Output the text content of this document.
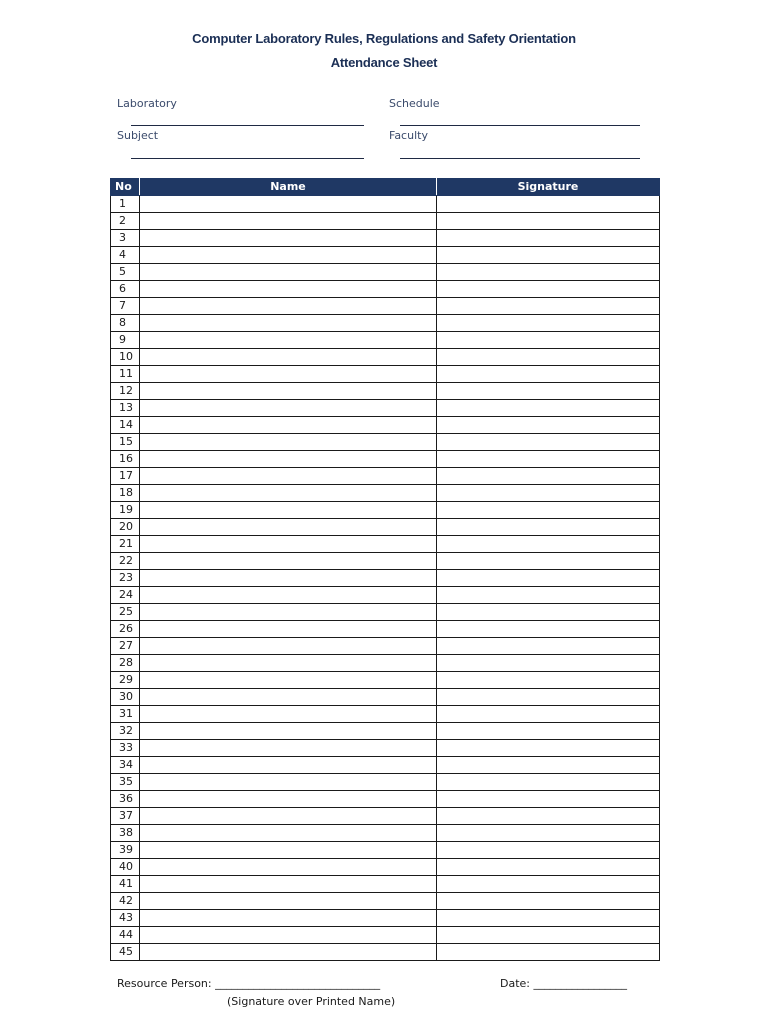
Computer Laboratory Rules, Regulations and Safety Orientation
Attendance Sheet
Laboratory	Schedule
Subject	Faculty
No	Name	Signature
1		
2		
3		
4		
5		
6		
7		
8		
9		
10		
11		
12		
13		
14		
15		
16		
17		
18		
19		
20		
21		
22		
23		
24		
25		
26		
27		
28		
29		
30		
31		
32		
33		
34		
35		
36		
37		
38		
39		
40		
41		
42		
43		
44		
45		
Resource Person: ______________________________	Date: _________________
(Signature over Printed Name)
